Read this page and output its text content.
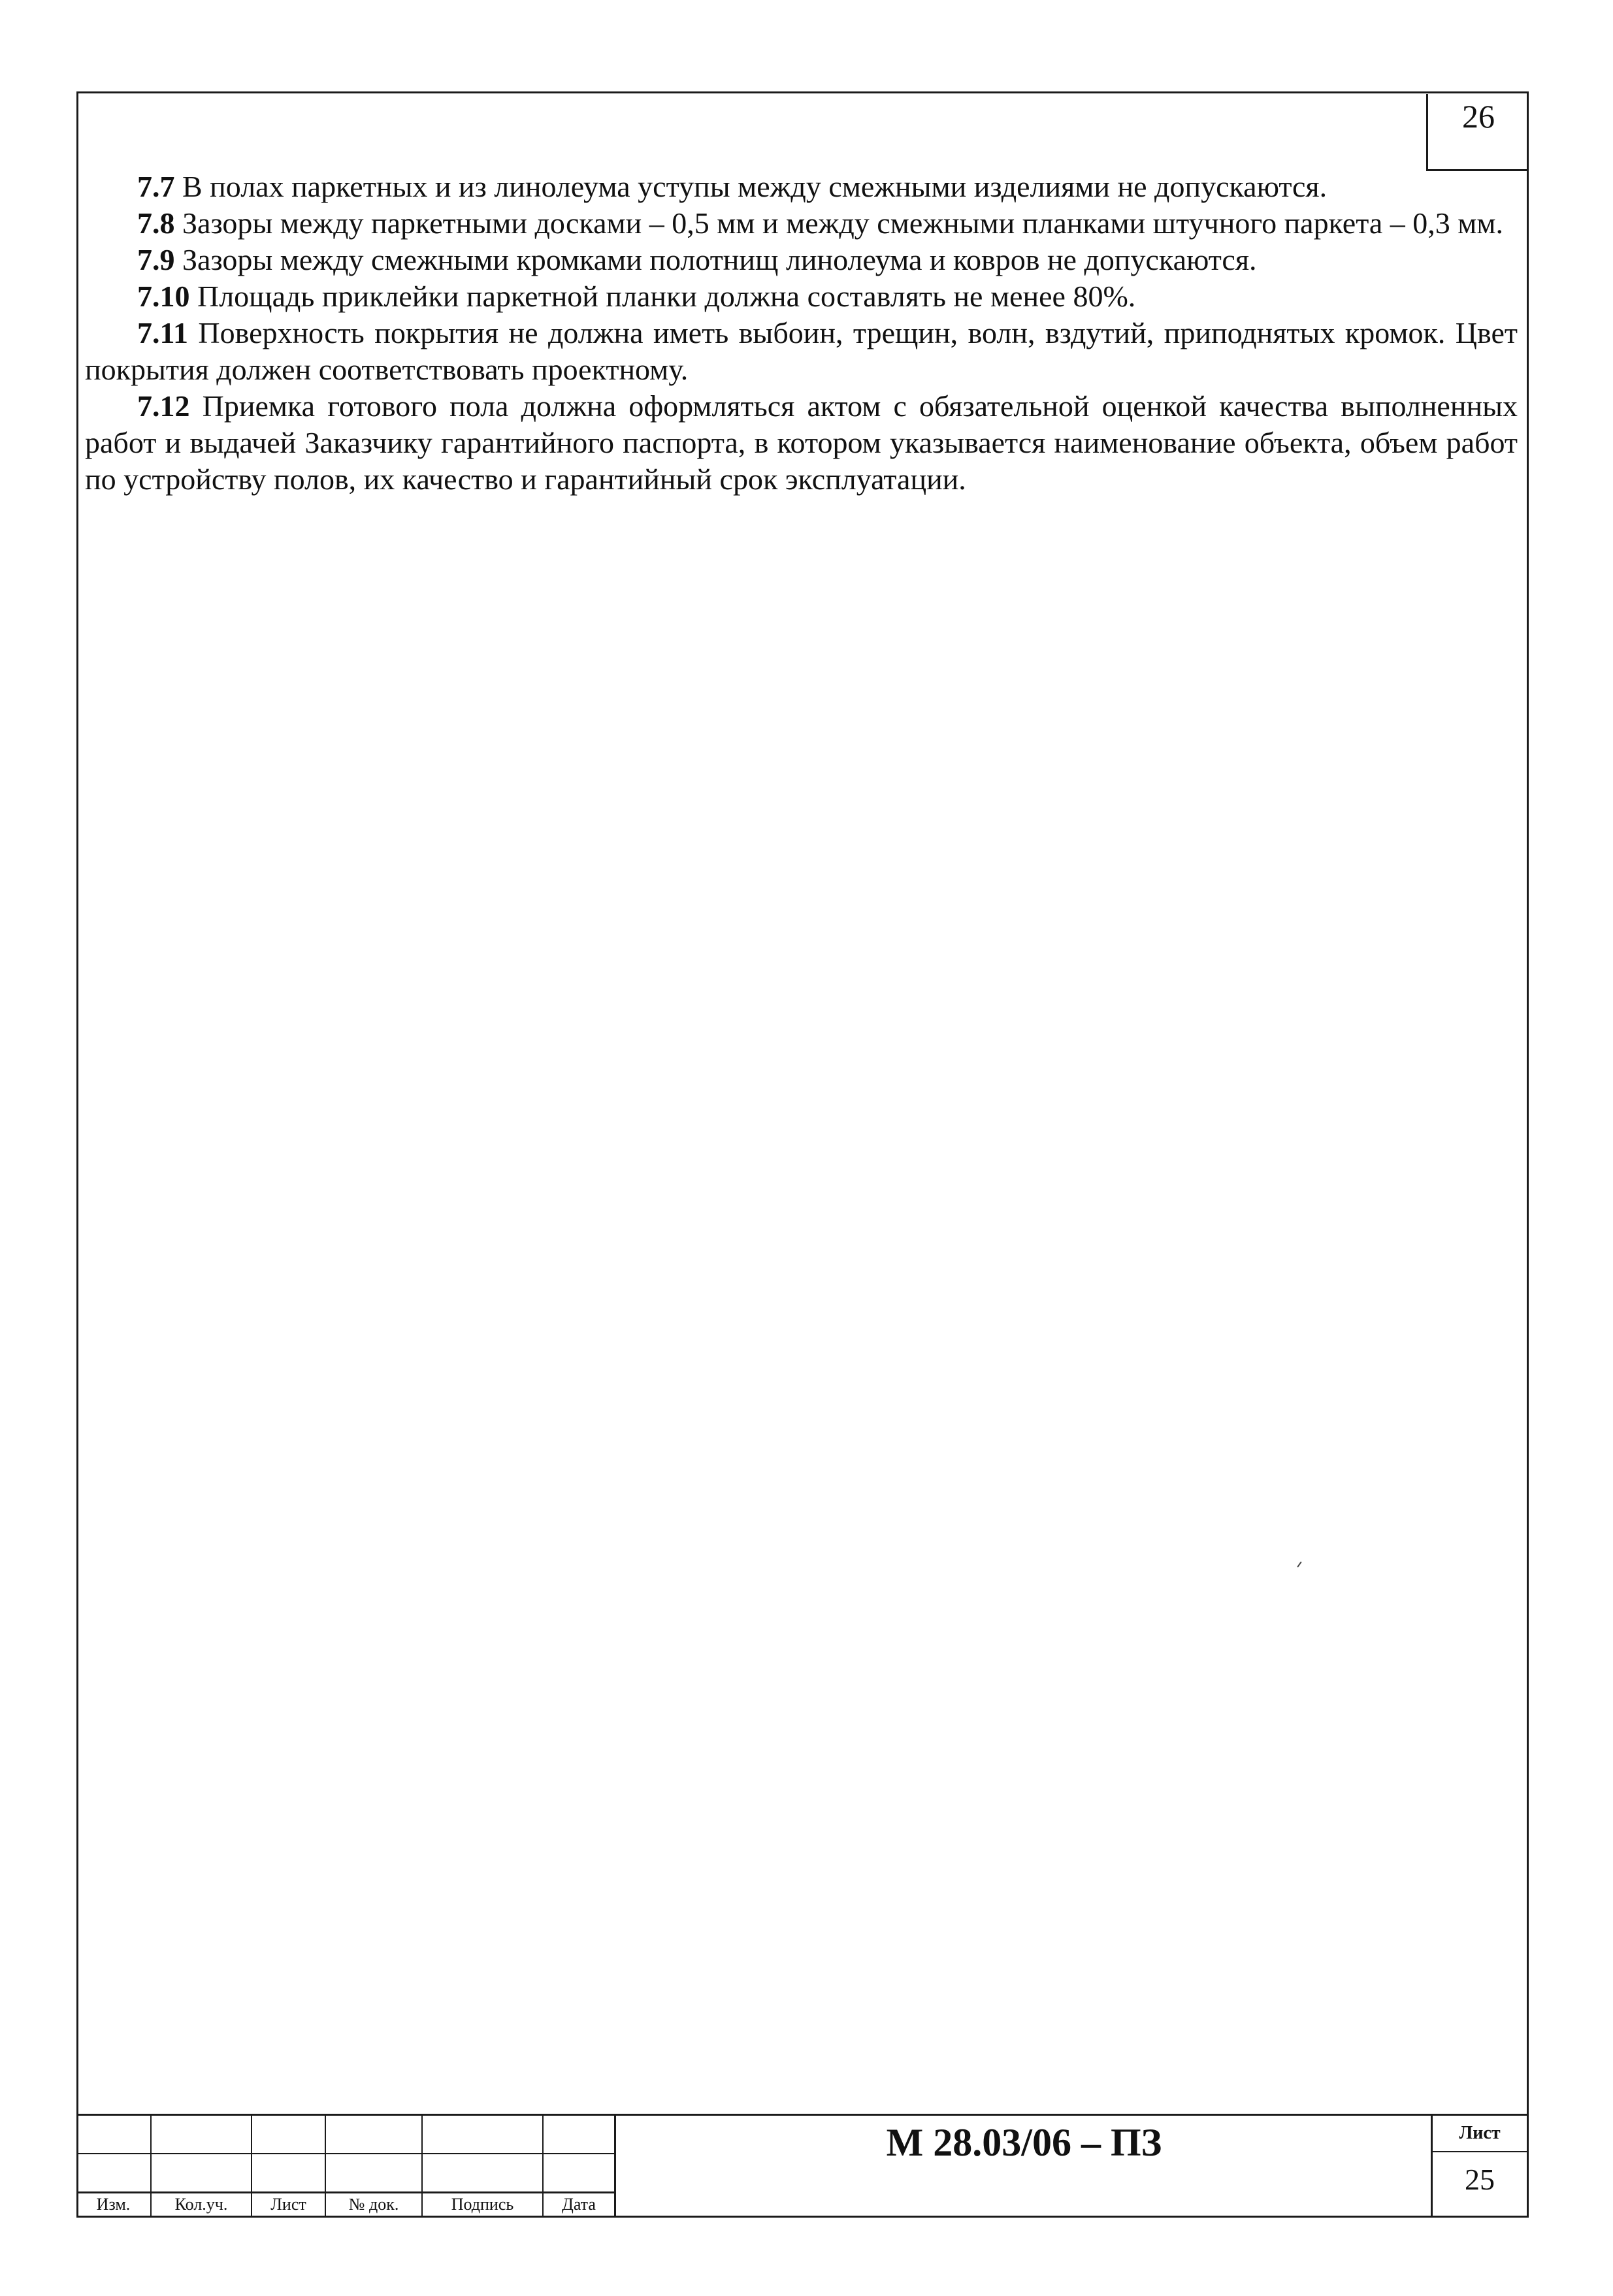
26

7.7 В полах паркетных и из линолеума уступы между смежными изделиями не допускаются.

7.8 Зазоры между паркетными досками – 0,5 мм и между смежными планками штучного паркета – 0,3 мм.

7.9 Зазоры между смежными кромками полотнищ линолеума и ковров не допускаются.

7.10 Площадь приклейки паркетной планки должна составлять не менее 80%.

7.11 Поверхность покрытия не должна иметь выбоин, трещин, волн, вздутий, приподнятых кромок. Цвет покрытия должен соответствовать проектному.

7.12 Приемка готового пола должна оформляться актом с обязательной оценкой качества выполненных работ и выдачей Заказчику гарантийного паспорта, в котором указывается наименование объекта, объем работ по устройству полов, их качество и гарантийный срок эксплуатации.

Изм.	Кол.уч.	Лист	№ док.	Подпись	Дата
М 28.03/06 – ПЗ	Лист
25
